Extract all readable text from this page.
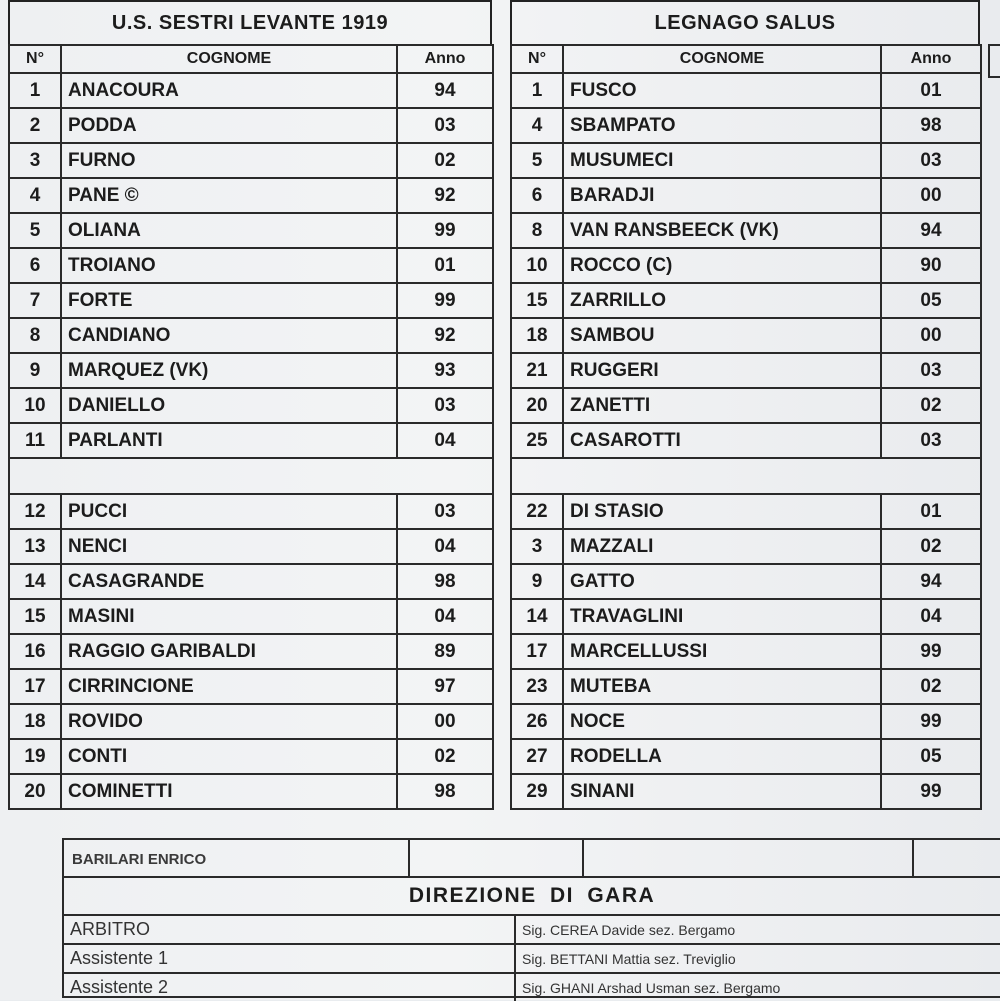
U.S. SESTRI LEVANTE 1919
N°	COGNOME	Anno
1	ANACOURA	94
2	PODDA	03
3	FURNO	02
4	PANE ©	92
5	OLIANA	99
6	TROIANO	01
7	FORTE	99
8	CANDIANO	92
9	MARQUEZ (VK)	93
10	DANIELLO	03
11	PARLANTI	04

12	PUCCI	03
13	NENCI	04
14	CASAGRANDE	98
15	MASINI	04
16	RAGGIO GARIBALDI	89
17	CIRRINCIONE	97
18	ROVIDO	00
19	CONTI	02
20	COMINETTI	98
LEGNAGO SALUS
N°	COGNOME	Anno
1	FUSCO	01
4	SBAMPATO	98
5	MUSUMECI	03
6	BARADJI	00
8	VAN RANSBEECK (VK)	94
10	ROCCO (C)	90
15	ZARRILLO	05
18	SAMBOU	00
21	RUGGERI	03
20	ZANETTI	02
25	CASAROTTI	03

22	DI STASIO	01
3	MAZZALI	02
9	GATTO	94
14	TRAVAGLINI	04
17	MARCELLUSSI	99
23	MUTEBA	02
26	NOCE	99
27	RODELLA	05
29	SINANI	99
BARILARI ENRICO
DIREZIONE DI GARA
ARBITRO	Sig. CEREA Davide sez. Bergamo
Assistente 1	Sig. BETTANI Mattia sez. Treviglio
Assistente 2	Sig. GHANI Arshad Usman sez. Bergamo
